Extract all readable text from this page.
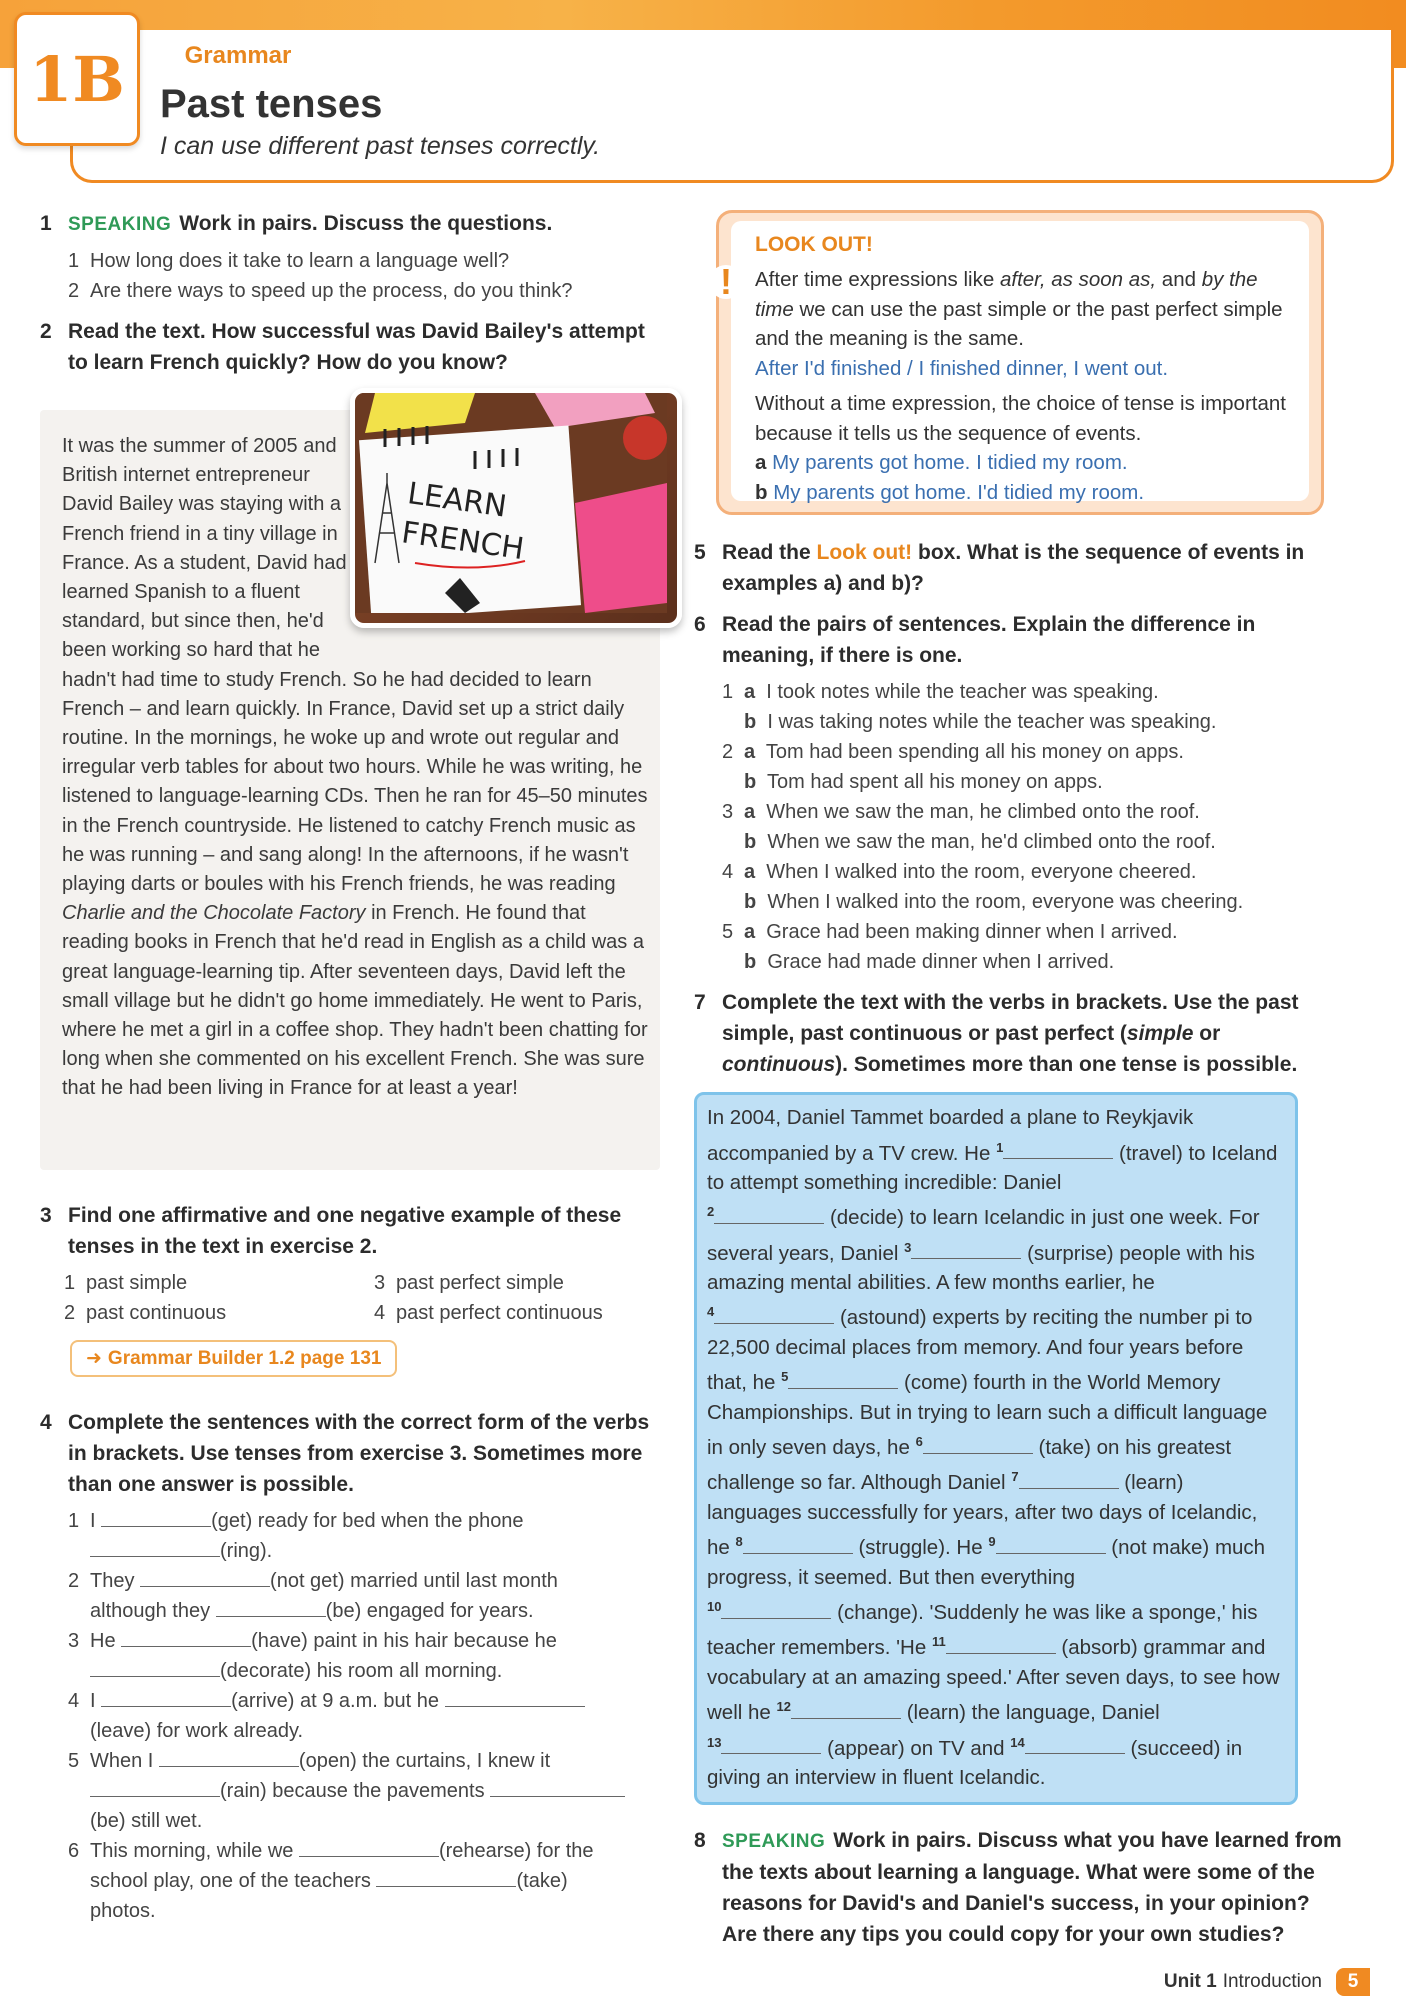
1B	Grammar
Past tenses
I can use different past tenses correctly.
1 SPEAKING Work in pairs. Discuss the questions.
1 How long does it take to learn a language well?
2 Are there ways to speed up the process, do you think?
2 Read the text. How successful was David Bailey's attempt to learn French quickly? How do you know?
LEARN
FRENCH
It was the summer of 2005 and British internet entrepreneur David Bailey was staying with a French friend in a tiny village in France. As a student, David had learned Spanish to a fluent standard, but since then, he'd been working so hard that he hadn't had time to study French. So he had decided to learn French – and learn quickly. In France, David set up a strict daily routine. In the mornings, he woke up and wrote out regular and irregular verb tables for about two hours. While he was writing, he listened to language-learning CDs. Then he ran for 45–50 minutes in the French countryside. He listened to catchy French music as he was running – and sang along! In the afternoons, if he wasn't playing darts or boules with his French friends, he was reading Charlie and the Chocolate Factory in French. He found that reading books in French that he'd read in English as a child was a great language-learning tip. After seventeen days, David left the small village but he didn't go home immediately. He went to Paris, where he met a girl in a coffee shop. They hadn't been chatting for long when she commented on his excellent French. She was sure that he had been living in France for at least a year!
3 Find one affirmative and one negative example of these tenses in the text in exercise 2.
1 past simple	3 past perfect simple
2 past continuous	4 past perfect continuous
➜ Grammar Builder 1.2 page 131
4 Complete the sentences with the correct form of the verbs in brackets. Use tenses from exercise 3. Sometimes more than one answer is possible.
1 I	(get) ready for bed when the phone
(ring).
2 They	(not get) married until last month
although they	(be) engaged for years.
3 He	(have) paint in his hair because he
(decorate) his room all morning.
4 I	(arrive) at 9 a.m. but he
(leave) for work already.
5 When I	(open) the curtains, I knew it
(rain) because the pavements
(be) still wet.
6 This morning, while we	(rehearse) for the
school play, one of the teachers	(take)
photos.
!
LOOK OUT!
After time expressions like after, as soon as, and by the time we can use the past simple or the past perfect simple and the meaning is the same.
After I'd finished / I finished dinner, I went out.
Without a time expression, the choice of tense is important because it tells us the sequence of events.
a My parents got home. I tidied my room.
b My parents got home. I'd tidied my room.
5 Read the Look out! box. What is the sequence of events in examples a) and b)?
6 Read the pairs of sentences. Explain the difference in meaning, if there is one.
1 a I took notes while the teacher was speaking.
b I was taking notes while the teacher was speaking.
2 a Tom had been spending all his money on apps.
b Tom had spent all his money on apps.
3 a When we saw the man, he climbed onto the roof.
b When we saw the man, he'd climbed onto the roof.
4 a When I walked into the room, everyone cheered.
b When I walked into the room, everyone was cheering.
5 a Grace had been making dinner when I arrived.
b Grace had made dinner when I arrived.
7 Complete the text with the verbs in brackets. Use the past simple, past continuous or past perfect (simple or continuous). Sometimes more than one tense is possible.
In 2004, Daniel Tammet boarded a plane to Reykjavik accompanied by a TV crew. He $^1$	(travel) to Iceland to attempt something incredible: Daniel
$^2$	(decide) to learn Icelandic in just one week. For several years, Daniel $^3$	(surprise) people with his amazing mental abilities. A few months earlier, he
$^4$	(astound) experts by reciting the number pi to 22,500 decimal places from memory. And four years before that, he $^5$	(come) fourth in the World Memory Championships. But in trying to learn such a difficult language in only seven days, he $^6$	(take) on his greatest challenge so far. Although Daniel $^7$	(learn) languages successfully for years, after two days of Icelandic, he $^8$	(struggle). He $^9$	(not make) much progress, it seemed. But then everything
$^{10}$	(change). 'Suddenly he was like a sponge,' his teacher remembers. 'He $^{11}$	(absorb) grammar and vocabulary at an amazing speed.' After seven days, to see how well he $^{12}$	(learn) the language, Daniel
$^{13}$	(appear) on TV and $^{14}$	(succeed) in giving an interview in fluent Icelandic.
8 SPEAKING Work in pairs. Discuss what you have learned from the texts about learning a language. What were some of the reasons for David's and Daniel's success, in your opinion? Are there any tips you could copy for your own studies?
Unit 1 Introduction	5
